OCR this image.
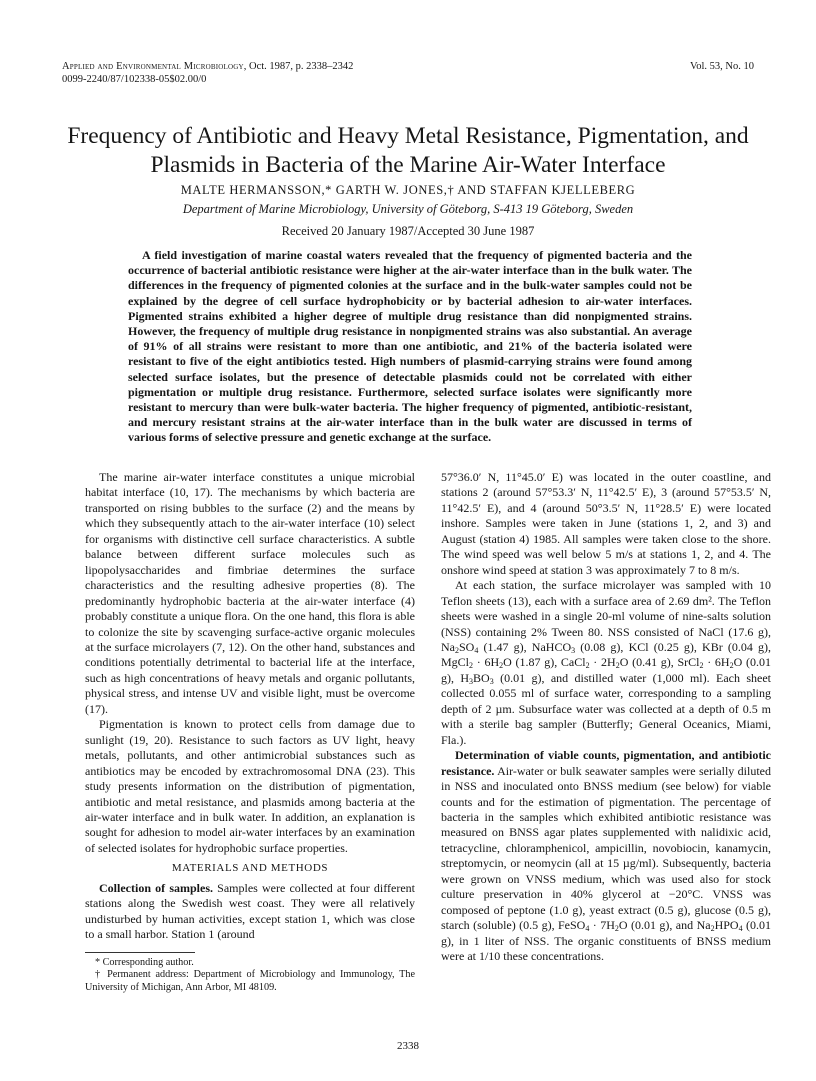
Applied and Environmental Microbiology, Oct. 1987, p. 2338–2342
0099-2240/87/102338-05$02.00/0
Vol. 53, No. 10
Frequency of Antibiotic and Heavy Metal Resistance, Pigmentation, and Plasmids in Bacteria of the Marine Air-Water Interface
MALTE HERMANSSON,* GARTH W. JONES,† AND STAFFAN KJELLEBERG
Department of Marine Microbiology, University of Göteborg, S-413 19 Göteborg, Sweden
Received 20 January 1987/Accepted 30 June 1987
A field investigation of marine coastal waters revealed that the frequency of pigmented bacteria and the occurrence of bacterial antibiotic resistance were higher at the air-water interface than in the bulk water. The differences in the frequency of pigmented colonies at the surface and in the bulk-water samples could not be explained by the degree of cell surface hydrophobicity or by bacterial adhesion to air-water interfaces. Pigmented strains exhibited a higher degree of multiple drug resistance than did nonpigmented strains. However, the frequency of multiple drug resistance in nonpigmented strains was also substantial. An average of 91% of all strains were resistant to more than one antibiotic, and 21% of the bacteria isolated were resistant to five of the eight antibiotics tested. High numbers of plasmid-carrying strains were found among selected surface isolates, but the presence of detectable plasmids could not be correlated with either pigmentation or multiple drug resistance. Furthermore, selected surface isolates were significantly more resistant to mercury than were bulk-water bacteria. The higher frequency of pigmented, antibiotic-resistant, and mercury resistant strains at the air-water interface than in the bulk water are discussed in terms of various forms of selective pressure and genetic exchange at the surface.

The marine air-water interface constitutes a unique microbial habitat interface (10, 17). The mechanisms by which bacteria are transported on rising bubbles to the surface (2) and the means by which they subsequently attach to the air-water interface (10) select for organisms with distinctive cell surface characteristics. A subtle balance between different surface molecules such as lipopolysaccharides and fimbriae determines the surface characteristics and the resulting adhesive properties (8). The predominantly hydrophobic bacteria at the air-water interface (4) probably constitute a unique flora. On the one hand, this flora is able to colonize the site by scavenging surface-active organic molecules at the surface microlayers (7, 12). On the other hand, substances and conditions potentially detrimental to bacterial life at the interface, such as high concentrations of heavy metals and organic pollutants, physical stress, and intense UV and visible light, must be overcome (17).

Pigmentation is known to protect cells from damage due to sunlight (19, 20). Resistance to such factors as UV light, heavy metals, pollutants, and other antimicrobial substances such as antibiotics may be encoded by extrachromosomal DNA (23). This study presents information on the distribution of pigmentation, antibiotic and metal resistance, and plasmids among bacteria at the air-water interface and in bulk water. In addition, an explanation is sought for adhesion to model air-water interfaces by an examination of selected isolates for hydrophobic surface properties.

MATERIALS AND METHODS

Collection of samples. Samples were collected at four different stations along the Swedish west coast. They were all relatively undisturbed by human activities, except station 1, which was close to a small harbor. Station 1 (around

* Corresponding author.

† Permanent address: Department of Microbiology and Immunology, The University of Michigan, Ann Arbor, MI 48109.

57°36.0′ N, 11°45.0′ E) was located in the outer coastline, and stations 2 (around 57°53.3′ N, 11°42.5′ E), 3 (around 57°53.5′ N, 11°42.5′ E), and 4 (around 50°3.5′ N, 11°28.5′ E) were located inshore. Samples were taken in June (stations 1, 2, and 3) and August (station 4) 1985. All samples were taken close to the shore. The wind speed was well below 5 m/s at stations 1, 2, and 4. The onshore wind speed at station 3 was approximately 7 to 8 m/s.

At each station, the surface microlayer was sampled with 10 Teflon sheets (13), each with a surface area of 2.69 dm². The Teflon sheets were washed in a single 20-ml volume of nine-salts solution (NSS) containing 2% Tween 80. NSS consisted of NaCl (17.6 g), $Na_2SO_4$ (1.47 g), NaHCO$_3$ (0.08 g), KCl (0.25 g), KBr (0.04 g), MgCl$_2$ · $6H_2O$ (1.87 g), CaCl$_2$ · $2H_2O$ (0.41 g), SrCl$_2$ · $6H_2O$ (0.01 g), $H_3BO_3$ (0.01 g), and distilled water (1,000 ml). Each sheet collected 0.055 ml of surface water, corresponding to a sampling depth of 2 µm. Subsurface water was collected at a depth of 0.5 m with a sterile bag sampler (Butterfly; General Oceanics, Miami, Fla.).

Determination of viable counts, pigmentation, and antibiotic resistance. Air-water or bulk seawater samples were serially diluted in NSS and inoculated onto BNSS medium (see below) for viable counts and for the estimation of pigmentation. The percentage of bacteria in the samples which exhibited antibiotic resistance was measured on BNSS agar plates supplemented with nalidixic acid, tetracycline, chloramphenicol, ampicillin, novobiocin, kanamycin, streptomycin, or neomycin (all at 15 µg/ml). Subsequently, bacteria were grown on VNSS medium, which was used also for stock culture preservation in 40% glycerol at −20°C. VNSS was composed of peptone (1.0 g), yeast extract (0.5 g), glucose (0.5 g), starch (soluble) (0.5 g), FeSO$_4$ · $7H_2O$ (0.01 g), and $Na_2HPO_4$ (0.01 g), in 1 liter of NSS. The organic constituents of BNSS medium were at 1/10 these concentrations.

2338
